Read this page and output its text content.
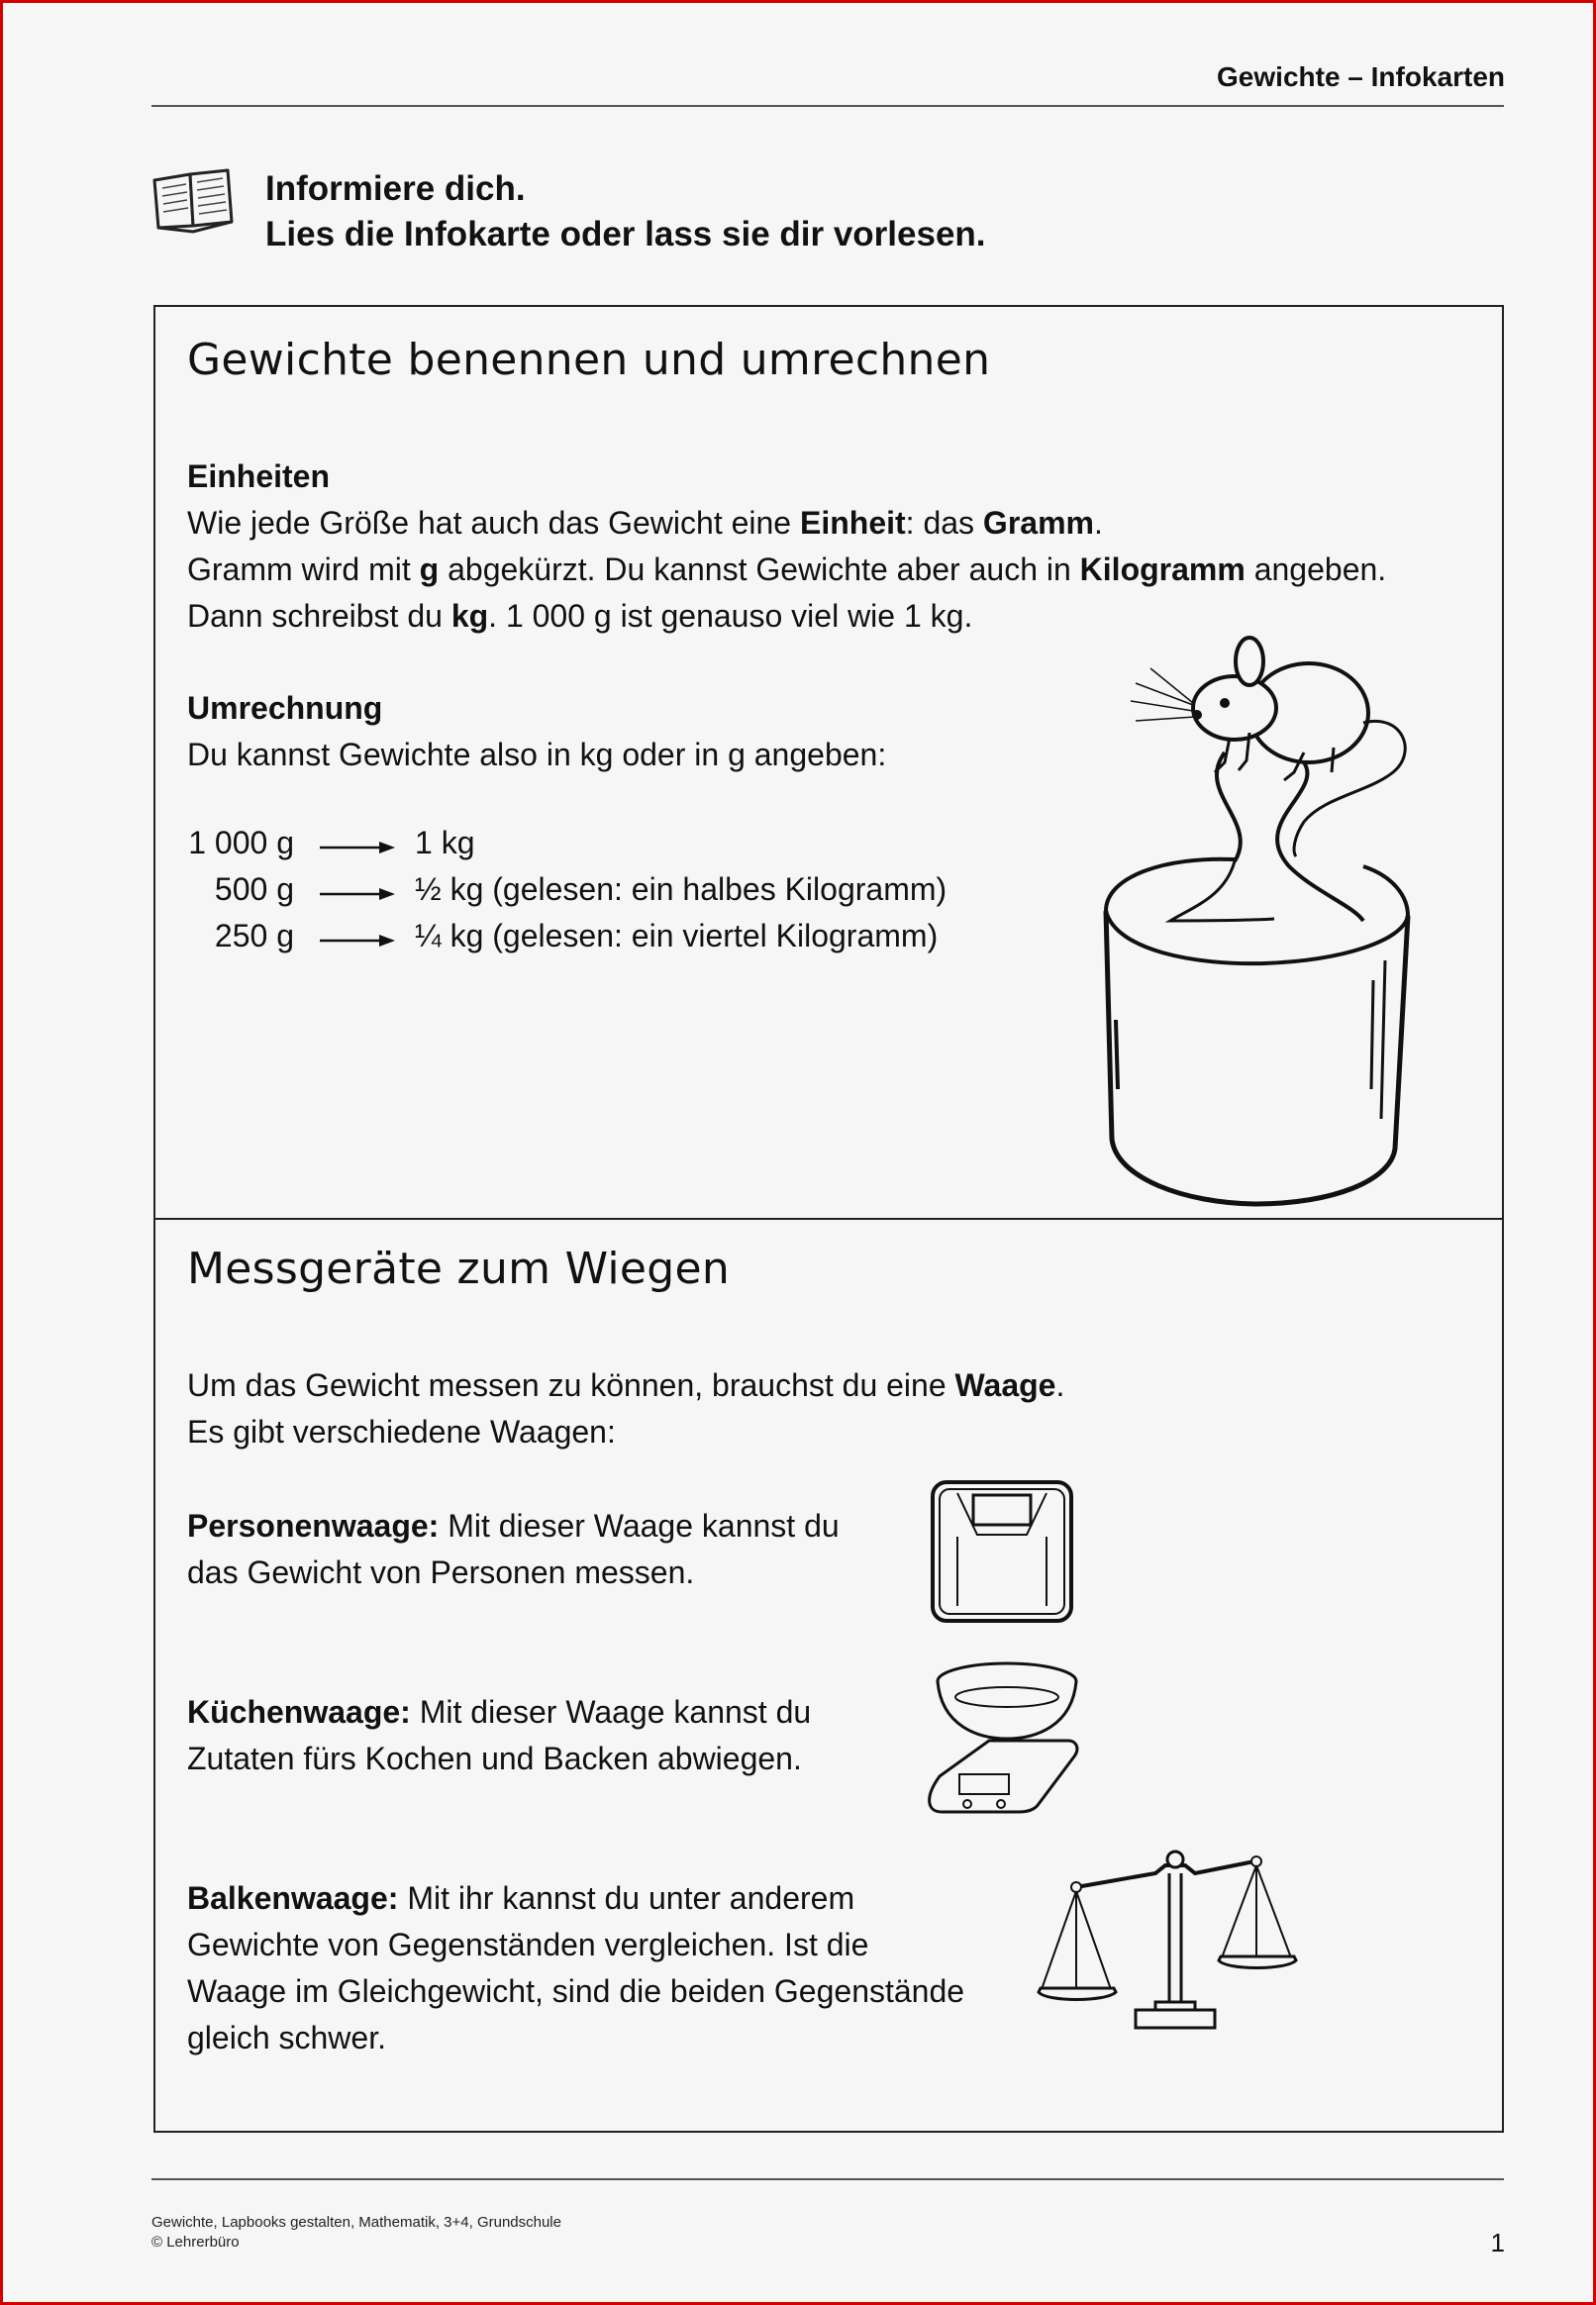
Gewichte – Infokarten
Informiere dich.
Lies die Infokarte oder lass sie dir vorlesen.
Gewichte benennen und umrechnen
Einheiten
Wie jede Größe hat auch das Gewicht eine Einheit: das Gramm.
Gramm wird mit g abgekürzt. Du kannst Gewichte aber auch in Kilogramm angeben.
Dann schreibst du kg. 1 000 g ist genauso viel wie 1 kg.
Umrechnung
Du kannst Gewichte also in kg oder in g angeben:
1 000 g	1 kg
500 g	½ kg (gelesen: ein halbes Kilogramm)
250 g	¼ kg (gelesen: ein viertel Kilogramm)
Messgeräte zum Wiegen
Um das Gewicht messen zu können, brauchst du eine Waage.
Es gibt verschiedene Waagen:
Personenwaage: Mit dieser Waage kannst du
das Gewicht von Personen messen.
Küchenwaage: Mit dieser Waage kannst du
Zutaten fürs Kochen und Backen abwiegen.
Balkenwaage: Mit ihr kannst du unter anderem
Gewichte von Gegenständen vergleichen. Ist die
Waage im Gleichgewicht, sind die beiden Gegenstände
gleich schwer.
Gewichte, Lapbooks gestalten, Mathematik, 3+4, Grundschule
© Lehrerbüro	1
